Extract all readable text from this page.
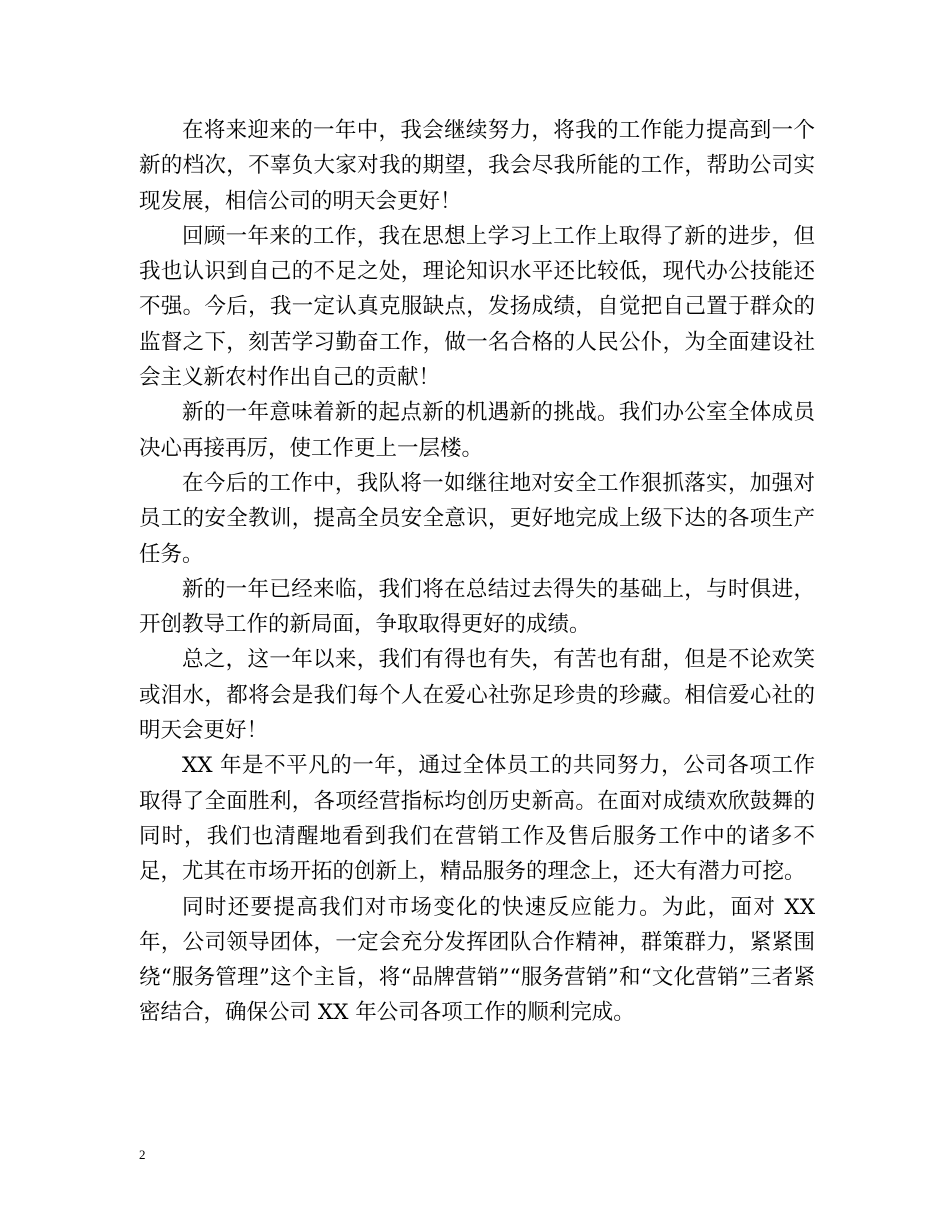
在将来迎来的一年中，我会继续努力，将我的工作能力提高到一个新的档次，不辜负大家对我的期望，我会尽我所能的工作，帮助公司实现发展，相信公司的明天会更好！

回顾一年来的工作，我在思想上学习上工作上取得了新的进步，但我也认识到自己的不足之处，理论知识水平还比较低，现代办公技能还不强。今后，我一定认真克服缺点，发扬成绩，自觉把自己置于群众的监督之下，刻苦学习勤奋工作，做一名合格的人民公仆，为全面建设社会主义新农村作出自己的贡献！

新的一年意味着新的起点新的机遇新的挑战。我们办公室全体成员决心再接再厉，使工作更上一层楼。

在今后的工作中，我队将一如继往地对安全工作狠抓落实，加强对员工的安全教训，提高全员安全意识，更好地完成上级下达的各项生产任务。

新的一年已经来临，我们将在总结过去得失的基础上，与时俱进，开创教导工作的新局面，争取取得更好的成绩。

总之，这一年以来，我们有得也有失，有苦也有甜，但是不论欢笑或泪水，都将会是我们每个人在爱心社弥足珍贵的珍藏。相信爱心社的明天会更好！

XX 年是不平凡的一年，通过全体员工的共同努力，公司各项工作取得了全面胜利，各项经营指标均创历史新高。在面对成绩欢欣鼓舞的同时，我们也清醒地看到我们在营销工作及售后服务工作中的诸多不足，尤其在市场开拓的创新上，精品服务的理念上，还大有潜力可挖。

同时还要提高我们对市场变化的快速反应能力。为此，面对 XX 年，公司领导团体，一定会充分发挥团队合作精神，群策群力，紧紧围绕“服务管理”这个主旨，将“品牌营销”“服务营销”和“文化营销”三者紧密结合，确保公司 XX 年公司各项工作的顺利完成。

2
